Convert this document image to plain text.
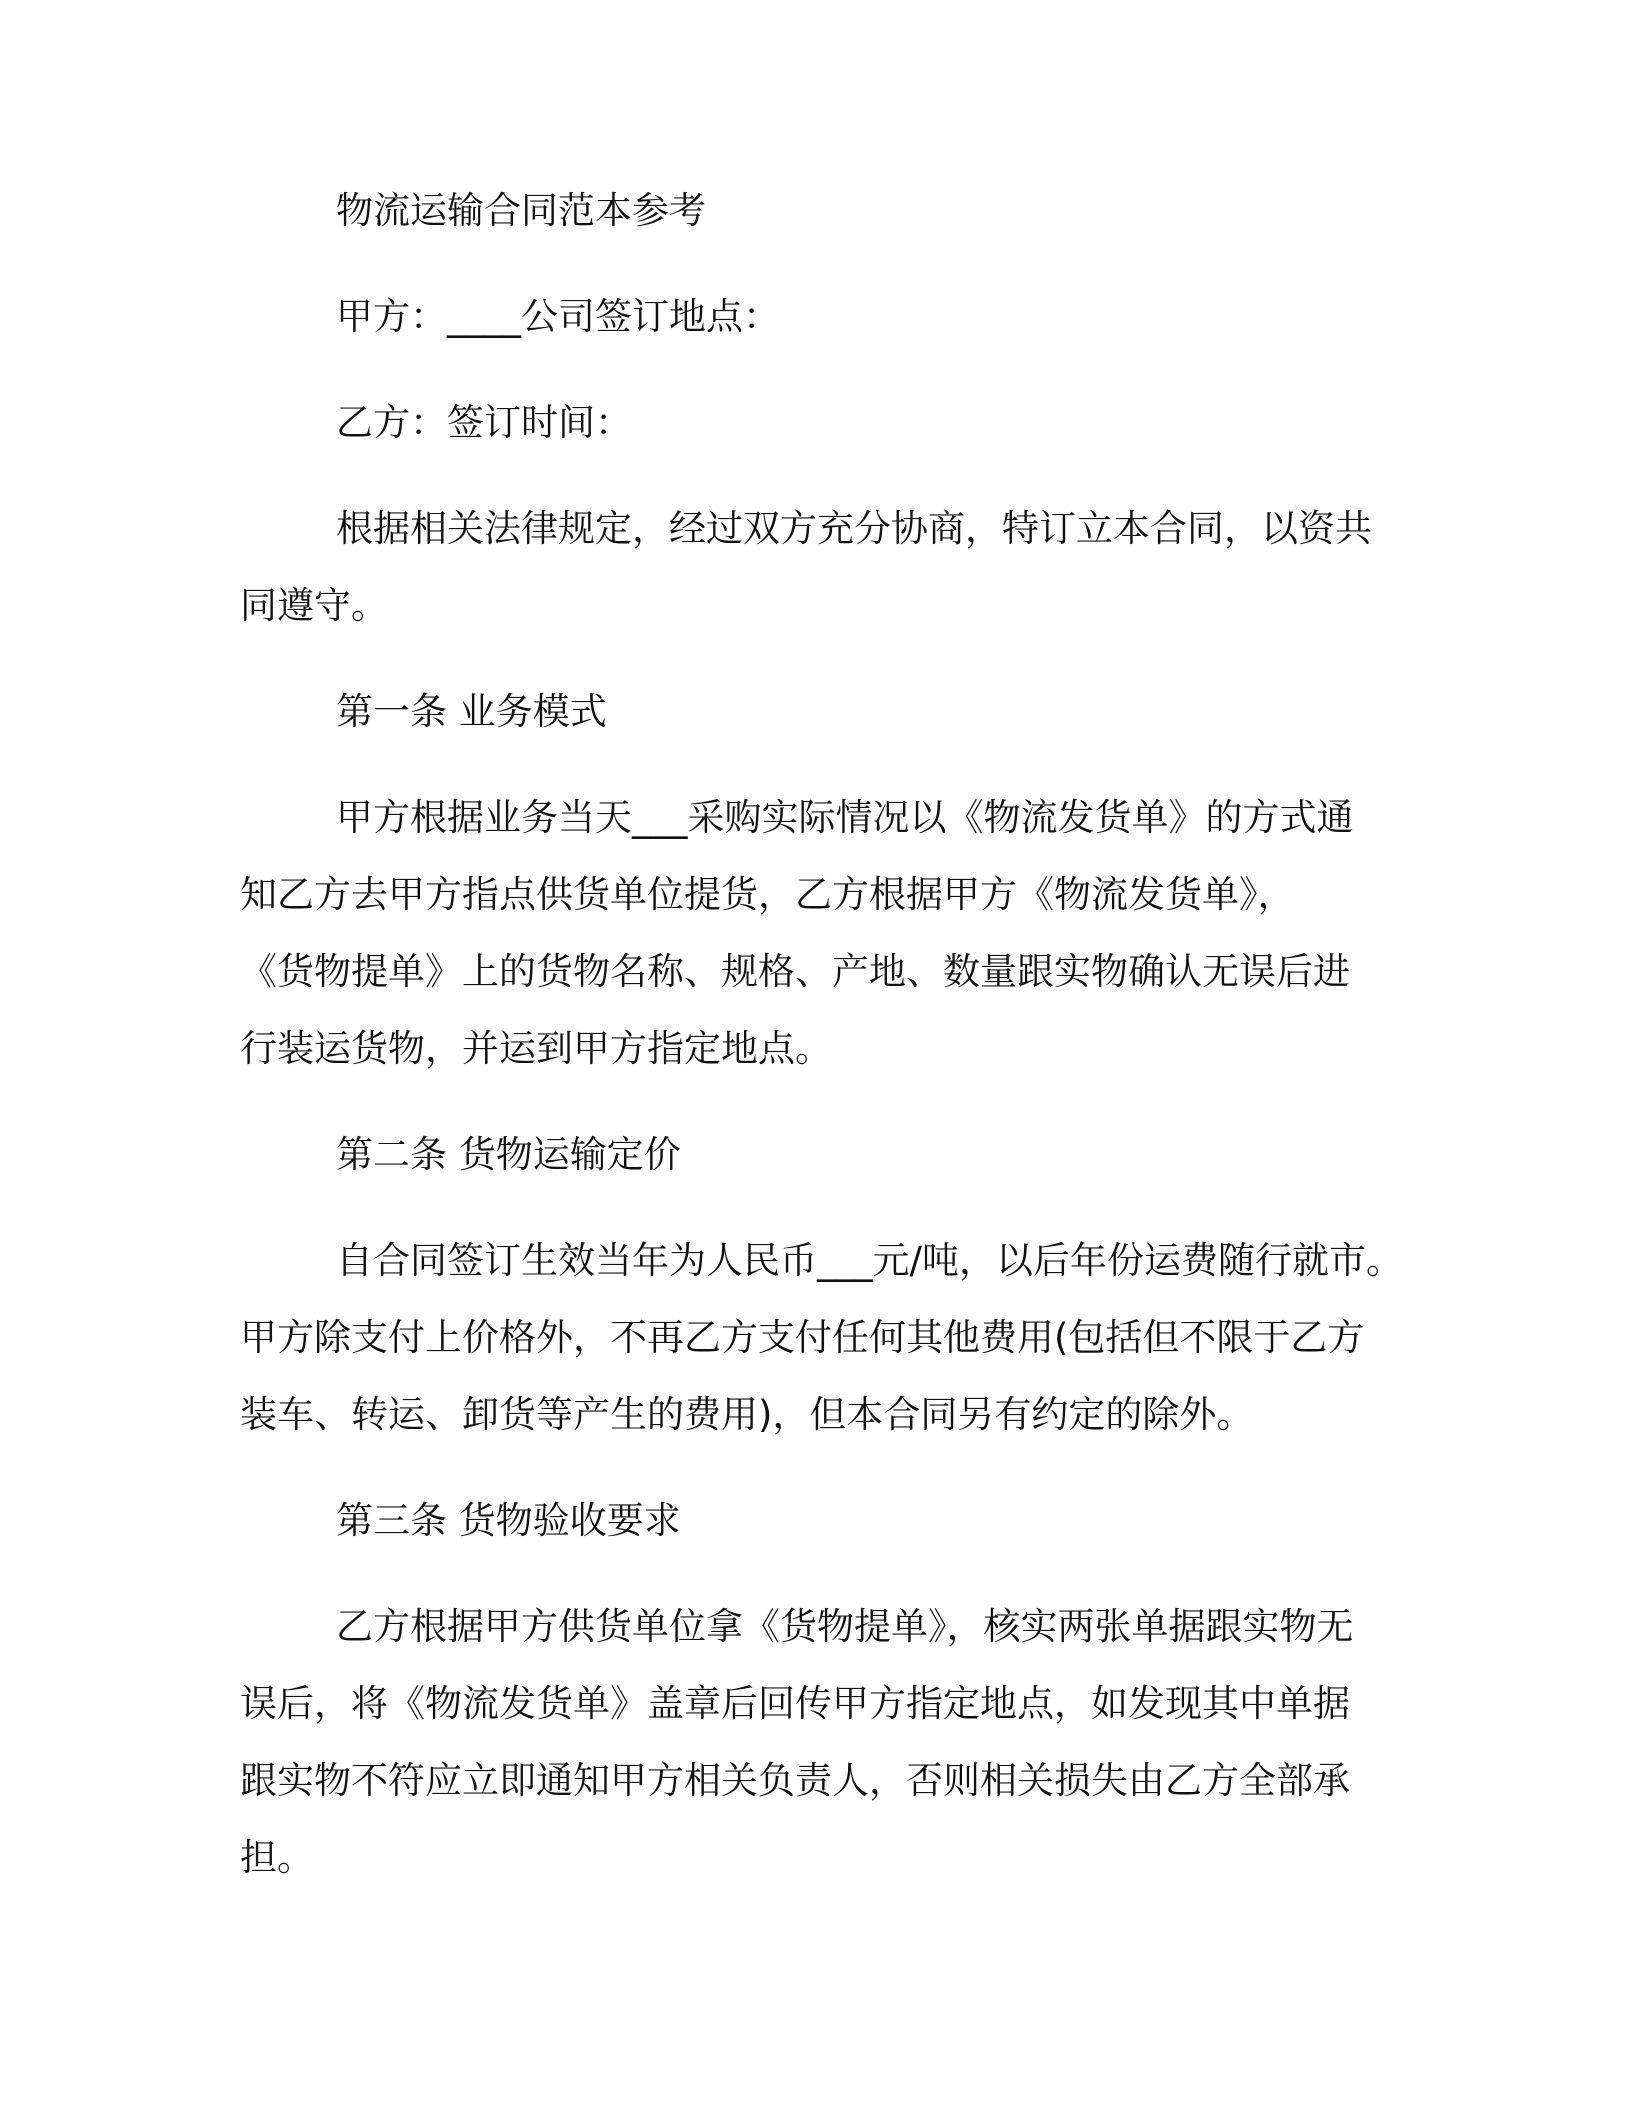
物流运输合同范本参考
甲方：____公司签订地点：
乙方：签订时间：
根据相关法律规定，经过双方充分协商，特订立本合同，以资共
同遵守。
第一条 业务模式
甲方根据业务当天___采购实际情况以《物流发货单》的方式通
知乙方去甲方指点供货单位提货，乙方根据甲方《物流发货单》，
《货物提单》上的货物名称、规格、产地、数量跟实物确认无误后进
行装运货物，并运到甲方指定地点。
第二条 货物运输定价
自合同签订生效当年为人民币___元/吨，以后年份运费随行就市。
甲方除支付上价格外，不再乙方支付任何其他费用(包括但不限于乙方
装车、转运、卸货等产生的费用)，但本合同另有约定的除外。
第三条 货物验收要求
乙方根据甲方供货单位拿《货物提单》，核实两张单据跟实物无
误后，将《物流发货单》盖章后回传甲方指定地点，如发现其中单据
跟实物不符应立即通知甲方相关负责人，否则相关损失由乙方全部承
担。
